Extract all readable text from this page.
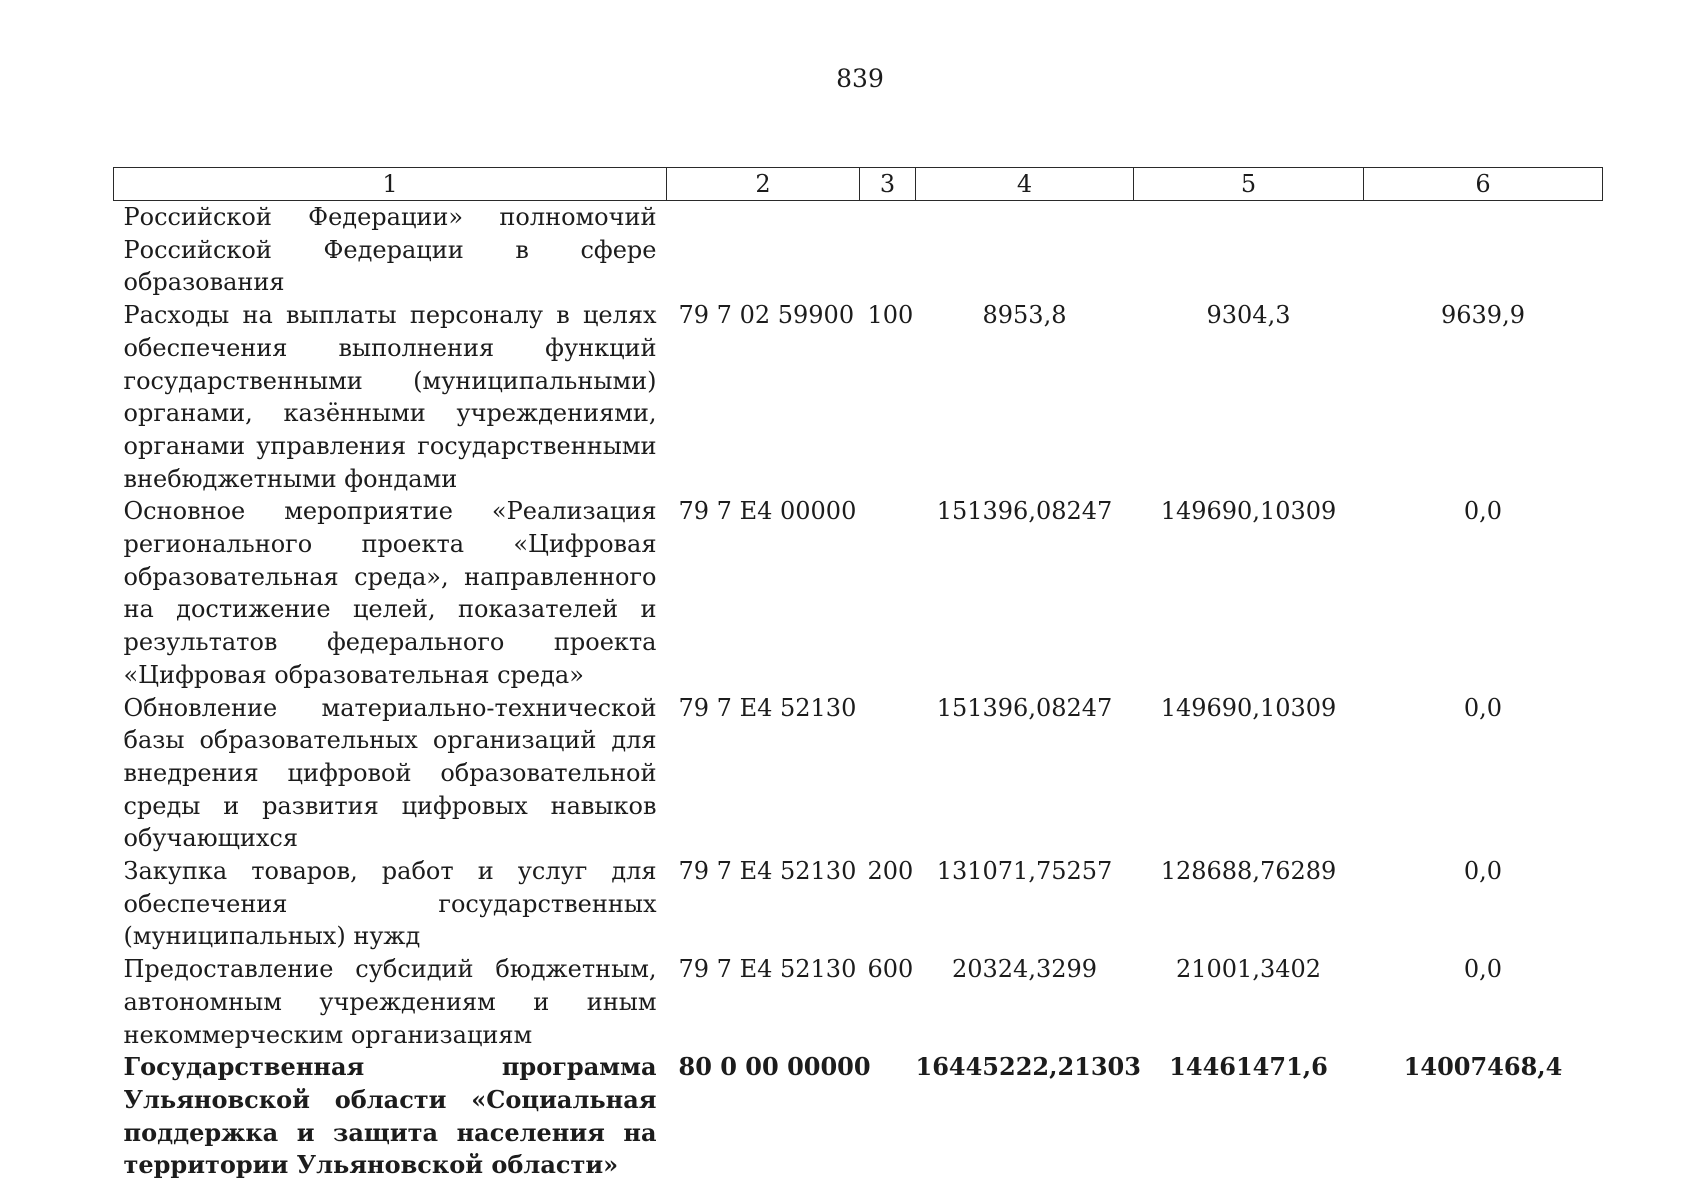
839
1	2	3	4	5	6
Российской Федерации» полномочий Российской Федерации в сфере образования					
Расходы на выплаты персоналу в целях обеспечения выполнения функций государственными (муниципальными) органами, казёнными учреждениями, органами управления государственными внебюджетными фондами	79 7 02 59900	100	8953,8	9304,3	9639,9
Основное мероприятие «Реализация регионального проекта «Цифровая образовательная среда», направленного на достижение целей, показателей и результатов федерального проекта «Цифровая образовательная среда»	79 7 E4 00000		151396,08247	149690,10309	0,0
Обновление материально-технической базы образовательных организаций для внедрения цифровой образовательной среды и развития цифровых навыков обучающихся	79 7 E4 52130		151396,08247	149690,10309	0,0
Закупка товаров, работ и услуг для обеспечения государственных (муниципальных) нужд	79 7 E4 52130	200	131071,75257	128688,76289	0,0
Предоставление субсидий бюджетным, автономным учреждениям и иным некоммерческим организациям	79 7 E4 52130	600	20324,3299	21001,3402	0,0
Государственная программа Ульяновской области «Социальная поддержка и защита населения на территории Ульяновской области»	80 0 00 00000		16445222,21303	14461471,6	14007468,4
